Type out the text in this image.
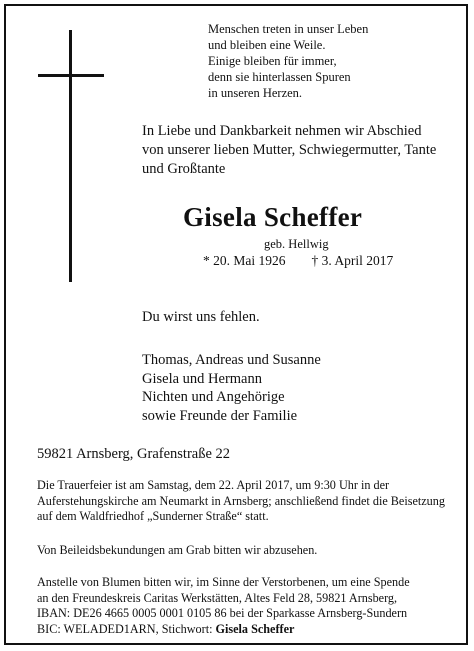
Menschen treten in unser Leben
und bleiben eine Weile.
Einige bleiben für immer,
denn sie hinterlassen Spuren
in unseren Herzen.
In Liebe und Dankbarkeit nehmen wir Abschied
von unserer lieben Mutter, Schwiegermutter, Tante
und Großtante
Gisela Scheffer
geb. Hellwig
* 20. Mai 1926 † 3. April 2017
Du wirst uns fehlen.
Thomas, Andreas und Susanne
Gisela und Hermann
Nichten und Angehörige
sowie Freunde der Familie
59821 Arnsberg, Grafenstraße 22
Die Trauerfeier ist am Samstag, dem 22. April 2017, um 9:30 Uhr in der
Auferstehungskirche am Neumarkt in Arnsberg; anschließend findet die Beisetzung
auf dem Waldfriedhof „Sunderner Straße“ statt.
Von Beileidsbekundungen am Grab bitten wir abzusehen.
Anstelle von Blumen bitten wir, im Sinne der Verstorbenen, um eine Spende
an den Freundeskreis Caritas Werkstätten, Altes Feld 28, 59821 Arnsberg,
IBAN: DE26 4665 0005 0001 0105 86 bei der Sparkasse Arnsberg-Sundern
BIC: WELADED1ARN, Stichwort: Gisela Scheffer
